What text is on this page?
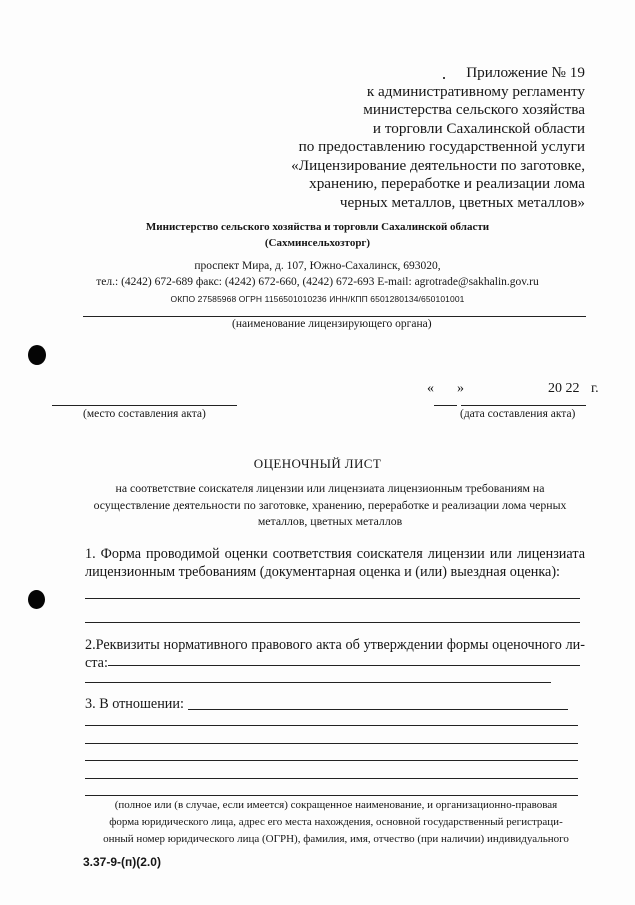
Приложение № 19
к административному регламенту
министерства сельского хозяйства
и торговли Сахалинской области
по предоставлению государственной услуги
«Лицензирование деятельности по заготовке,
хранению, переработке и реализации лома
черных металлов, цветных металлов»
Министерство сельского хозяйства и торговли Сахалинской области
(Сахминсельхозторг)
проспект Мира, д. 107, Южно-Сахалинск, 693020,
тел.: (4242) 672-689 факс: (4242) 672-660, (4242) 672-693 E-mail: agrotrade@sakhalin.gov.ru
ОКПО 27585968 ОГРН 1156501010236 ИНН/КПП 6501280134/650101001
(наименование лицензирующего органа)
« »	20 22 г.
(место составления акта)	(дата составления акта)
ОЦЕНОЧНЫЙ ЛИСТ
на соответствие соискателя лицензии или лицензиата лицензионным требованиям на осуществление деятельности по заготовке, хранению, переработке и реализации лома черных металлов, цветных металлов
1. Форма проводимой оценки соответствия соискателя лицензии или лицензиата
лицензионным требованиям (документарная оценка и (или) выездная оценка):
2.Реквизиты нормативного правового акта об утверждении формы оценочного ли-
ста:
3. В отношении:
(полное или (в случае, если имеется) сокращенное наименование, и организационно-правовая
форма юридического лица, адрес его места нахождения, основной государственный регистраци-
онный номер юридического лица (ОГРН), фамилия, имя, отчество (при наличии) индивидуального
3.37-9-(п)(2.0)
